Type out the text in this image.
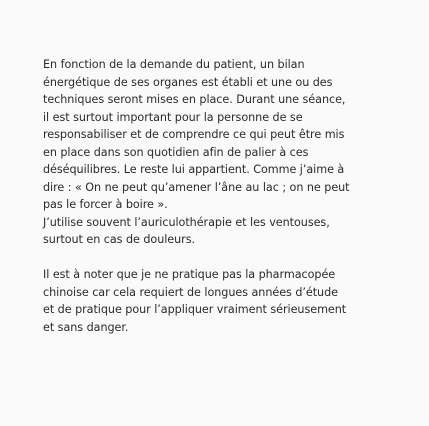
En fonction de la demande du patient, un bilan
énergétique de ses organes est établi et une ou des
techniques seront mises en place. Durant une séance,
il est surtout important pour la personne de se
responsabiliser et de comprendre ce qui peut être mis
en place dans son quotidien afin de palier à ces
déséquilibres. Le reste lui appartient. Comme j’aime à
dire : « On ne peut qu’amener l’âne au lac ; on ne peut
pas le forcer à boire ».
J’utilise souvent l’auriculothérapie et les ventouses,
surtout en cas de douleurs.

Il est à noter que je ne pratique pas la pharmacopée
chinoise car cela requiert de longues années d’étude
et de pratique pour l’appliquer vraiment sérieusement
et sans danger.
